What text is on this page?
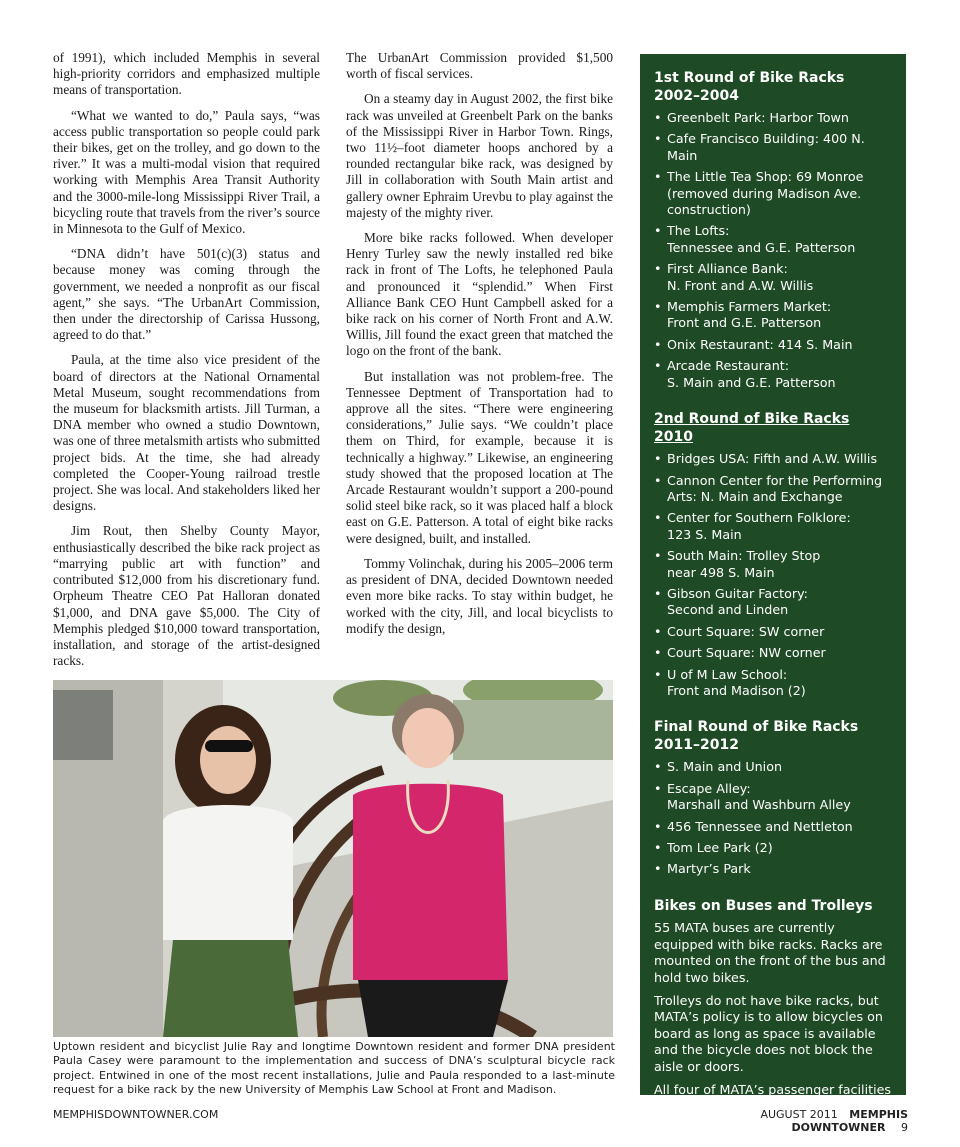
of 1991), which included Memphis in several high-priority corridors and emphasized multiple means of transportation.

“What we wanted to do,” Paula says, “was access public transportation so people could park their bikes, get on the trolley, and go down to the river.” It was a multi-modal vision that required working with Memphis Area Transit Authority and the 3000-mile-long Mississippi River Trail, a bicycling route that travels from the river’s source in Minnesota to the Gulf of Mexico.

“DNA didn’t have 501(c)(3) status and because money was coming through the government, we needed a nonprofit as our fiscal agent,” she says. “The UrbanArt Commission, then under the directorship of Carissa Hussong, agreed to do that.”

Paula, at the time also vice president of the board of directors at the National Ornamental Metal Museum, sought recommendations from the museum for blacksmith artists. Jill Turman, a DNA member who owned a studio Downtown, was one of three metalsmith artists who submitted project bids. At the time, she had already completed the Cooper-Young railroad trestle project. She was local. And stakeholders liked her designs.

Jim Rout, then Shelby County Mayor, enthusiastically described the bike rack project as “marrying public art with function” and contributed $12,000 from his discretionary fund. Orpheum Theatre CEO Pat Halloran donated $1,000, and DNA gave $5,000. The City of Memphis pledged $10,000 toward transportation, installation, and storage of the artist-designed racks.

The UrbanArt Commission provided $1,500 worth of fiscal services.

On a steamy day in August 2002, the first bike rack was unveiled at Greenbelt Park on the banks of the Mississippi River in Harbor Town. Rings, two 11½–foot diameter hoops anchored by a rounded rectangular bike rack, was designed by Jill in collaboration with South Main artist and gallery owner Ephraim Urevbu to play against the majesty of the mighty river.

More bike racks followed. When developer Henry Turley saw the newly installed red bike rack in front of The Lofts, he telephoned Paula and pronounced it “splendid.” When First Alliance Bank CEO Hunt Campbell asked for a bike rack on his corner of North Front and A.W. Willis, Jill found the exact green that matched the logo on the front of the bank.

But installation was not problem-free. The Tennessee Deptment of Transportation had to approve all the sites. “There were engineering considerations,” Julie says. “We couldn’t place them on Third, for example, because it is technically a highway.” Likewise, an engineering study showed that the proposed location at The Arcade Restaurant wouldn’t support a 200-pound solid steel bike rack, so it was placed half a block east on G.E. Patterson. A total of eight bike racks were designed, built, and installed.

Tommy Volinchak, during his 2005–2006 term as president of DNA, decided Downtown needed even more bike racks. To stay within budget, he worked with the city, Jill, and local bicyclists to modify the design,

1st Round of Bike Racks
2002–2004
• Greenbelt Park: Harbor Town
• Cafe Francisco Building: 400 N. Main
• The Little Tea Shop: 69 Monroe
(removed during Madison Ave.
construction)
• The Lofts:
Tennessee and G.E. Patterson
• First Alliance Bank:
N. Front and A.W. Willis
• Memphis Farmers Market:
Front and G.E. Patterson
• Onix Restaurant: 414 S. Main
• Arcade Restaurant:
S. Main and G.E. Patterson
2nd Round of Bike Racks 2010
• Bridges USA: Fifth and A.W. Willis
• Cannon Center for the Performing
Arts: N. Main and Exchange
• Center for Southern Folklore:
123 S. Main
• South Main: Trolley Stop
near 498 S. Main
• Gibson Guitar Factory:
Second and Linden
• Court Square: SW corner
• Court Square: NW corner
• U of M Law School:
Front and Madison (2)
Final Round of Bike Racks
2011–2012
• S. Main and Union
• Escape Alley:
Marshall and Washburn Alley
• 456 Tennessee and Nettleton
• Tom Lee Park (2)
• Martyr’s Park
Bikes on Buses and Trolleys

55 MATA buses are currently equipped with bike racks. Racks are mounted on the front of the bus and hold two bikes.

Trolleys do not have bike racks, but MATA’s policy is to allow bicycles on board as long as space is available and the bicycle does not block the aisle or doors.

All four of MATA’s passenger facilities have bike racks.

Uptown resident and bicyclist Julie Ray and longtime Downtown resident and former DNA president Paula Casey were paramount to the implementation and success of DNA’s sculptural bicycle rack project. Entwined in one of the most recent installations, Julie and Paula responded to a last-minute request for a bike rack by the new University of Memphis Law School at Front and Madison.
MEMPHISDOWNTOWNER.COM	AUGUST 2011 MEMPHIS DOWNTOWNER 9
